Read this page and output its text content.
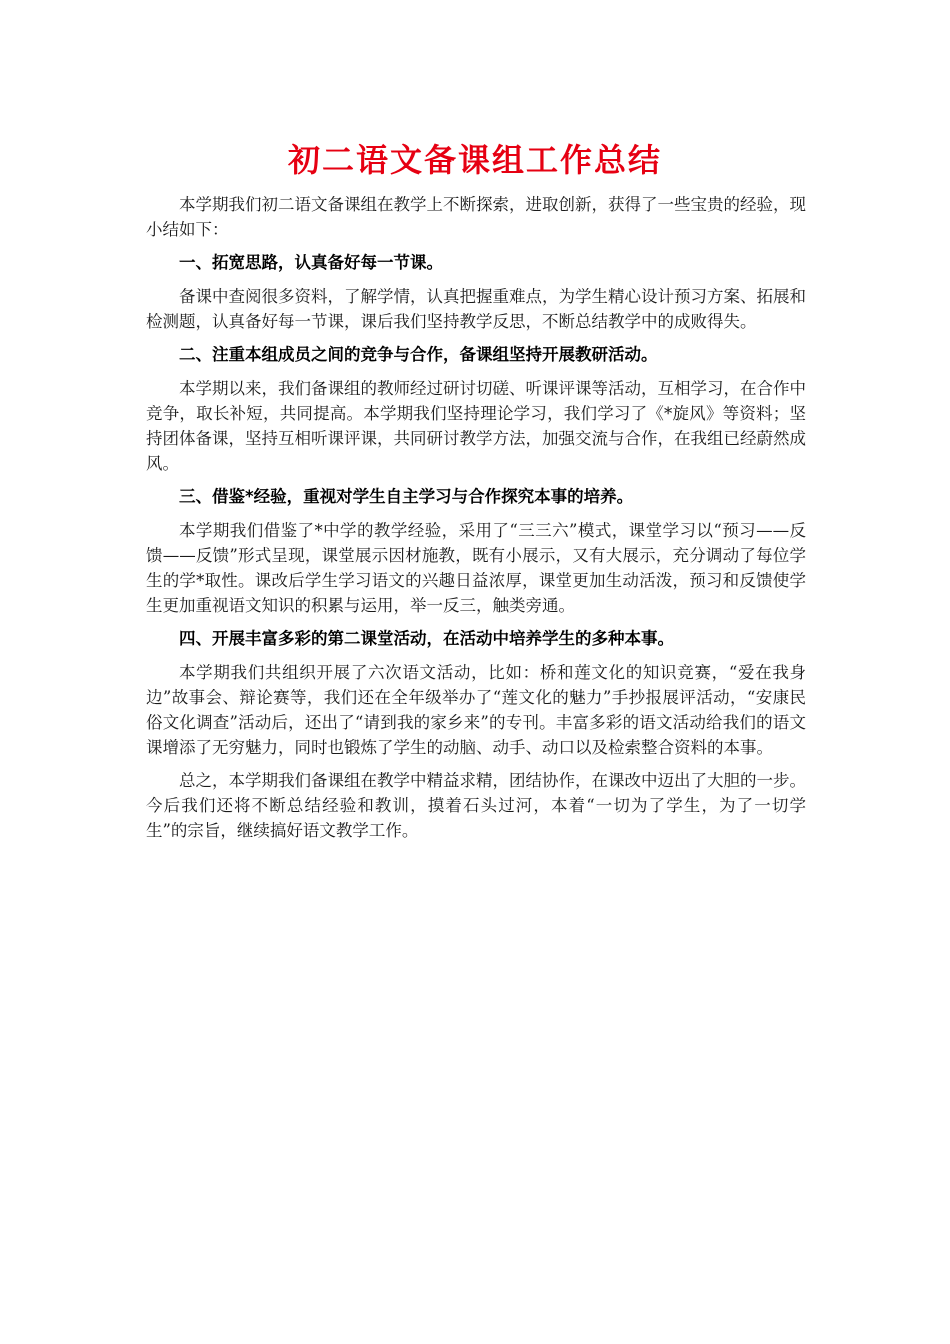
初二语文备课组工作总结

本学期我们初二语文备课组在教学上不断探索，进取创新，获得了一些宝贵的经验，现小结如下：

一、拓宽思路，认真备好每一节课。

备课中查阅很多资料，了解学情，认真把握重难点，为学生精心设计预习方案、拓展和检测题，认真备好每一节课，课后我们坚持教学反思，不断总结教学中的成败得失。

二、注重本组成员之间的竞争与合作，备课组坚持开展教研活动。

本学期以来，我们备课组的教师经过研讨切磋、听课评课等活动，互相学习，在合作中竞争，取长补短，共同提高。本学期我们坚持理论学习，我们学习了《*旋风》等资料；坚持团体备课，坚持互相听课评课，共同研讨教学方法，加强交流与合作，在我组已经蔚然成风。

三、借鉴*经验，重视对学生自主学习与合作探究本事的培养。

本学期我们借鉴了*中学的教学经验，采用了“三三六”模式，课堂学习以“预习——反馈——反馈”形式呈现，课堂展示因材施教，既有小展示，又有大展示，充分调动了每位学生的学*取性。课改后学生学习语文的兴趣日益浓厚，课堂更加生动活泼，预习和反馈使学生更加重视语文知识的积累与运用，举一反三，触类旁通。

四、开展丰富多彩的第二课堂活动，在活动中培养学生的多种本事。

本学期我们共组织开展了六次语文活动，比如：桥和莲文化的知识竞赛，“爱在我身边”故事会、辩论赛等，我们还在全年级举办了“莲文化的魅力”手抄报展评活动，“安康民俗文化调查”活动后，还出了“请到我的家乡来”的专刊。丰富多彩的语文活动给我们的语文课增添了无穷魅力，同时也锻炼了学生的动脑、动手、动口以及检索整合资料的本事。

总之，本学期我们备课组在教学中精益求精，团结协作，在课改中迈出了大胆的一步。今后我们还将不断总结经验和教训，摸着石头过河，本着“一切为了学生，为了一切学生”的宗旨，继续搞好语文教学工作。
